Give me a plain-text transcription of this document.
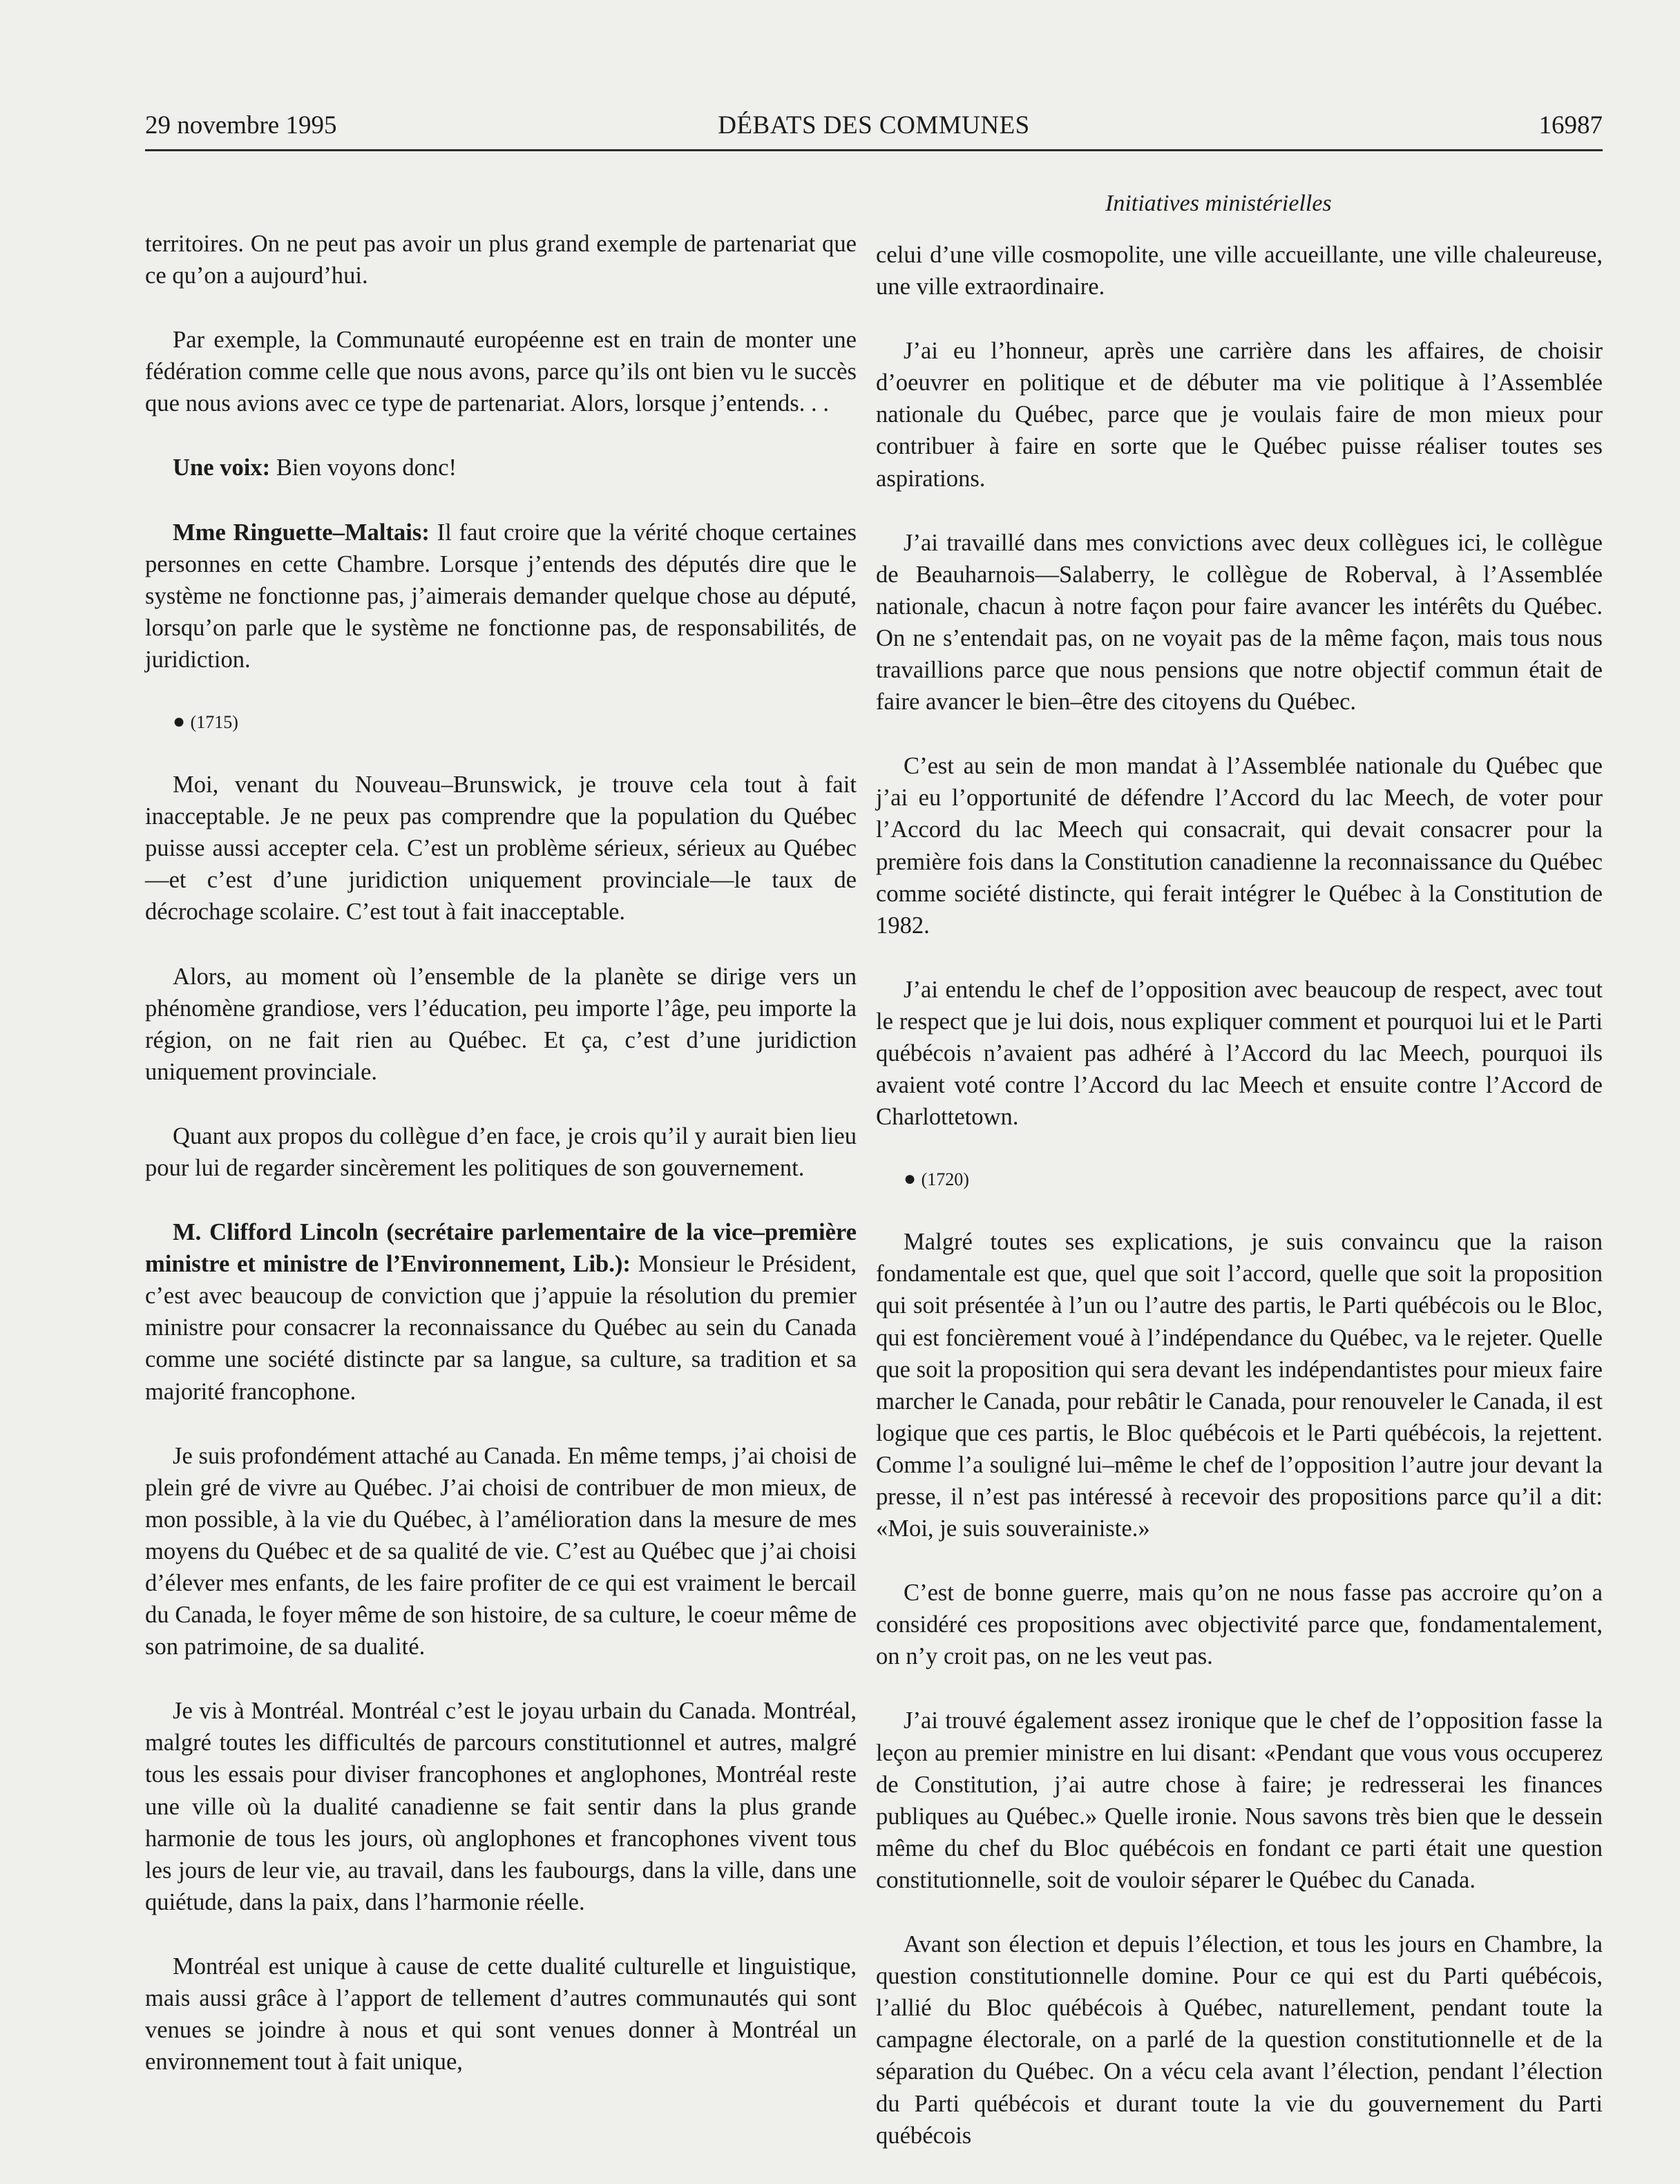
29 novembre 1995	DÉBATS DES COMMUNES	16987
Initiatives ministérielles

territoires. On ne peut pas avoir un plus grand exemple de partenariat que ce qu’on a aujourd’hui.

Par exemple, la Communauté européenne est en train de monter une fédération comme celle que nous avons, parce qu’ils ont bien vu le succès que nous avions avec ce type de partenariat. Alors, lorsque j’entends. . .

Une voix: Bien voyons donc!

Mme Ringuette–Maltais: Il faut croire que la vérité choque certaines personnes en cette Chambre. Lorsque j’entends des députés dire que le système ne fonctionne pas, j’aimerais demander quelque chose au député, lorsqu’on parle que le système ne fonctionne pas, de responsabilités, de juridiction.

● (1715)

Moi, venant du Nouveau–Brunswick, je trouve cela tout à fait inacceptable. Je ne peux pas comprendre que la population du Québec puisse aussi accepter cela. C’est un problème sérieux, sérieux au Québec—et c’est d’une juridiction uniquement provinciale—le taux de décrochage scolaire. C’est tout à fait inacceptable.

Alors, au moment où l’ensemble de la planète se dirige vers un phénomène grandiose, vers l’éducation, peu importe l’âge, peu importe la région, on ne fait rien au Québec. Et ça, c’est d’une juridiction uniquement provinciale.

Quant aux propos du collègue d’en face, je crois qu’il y aurait bien lieu pour lui de regarder sincèrement les politiques de son gouvernement.

M. Clifford Lincoln (secrétaire parlementaire de la vice–première ministre et ministre de l’Environnement, Lib.): Monsieur le Président, c’est avec beaucoup de conviction que j’appuie la résolution du premier ministre pour consacrer la reconnaissance du Québec au sein du Canada comme une société distincte par sa langue, sa culture, sa tradition et sa majorité francophone.

Je suis profondément attaché au Canada. En même temps, j’ai choisi de plein gré de vivre au Québec. J’ai choisi de contribuer de mon mieux, de mon possible, à la vie du Québec, à l’amélioration dans la mesure de mes moyens du Québec et de sa qualité de vie. C’est au Québec que j’ai choisi d’élever mes enfants, de les faire profiter de ce qui est vraiment le bercail du Canada, le foyer même de son histoire, de sa culture, le coeur même de son patrimoine, de sa dualité.

Je vis à Montréal. Montréal c’est le joyau urbain du Canada. Montréal, malgré toutes les difficultés de parcours constitutionnel et autres, malgré tous les essais pour diviser francophones et anglophones, Montréal reste une ville où la dualité canadienne se fait sentir dans la plus grande harmonie de tous les jours, où anglophones et francophones vivent tous les jours de leur vie, au travail, dans les faubourgs, dans la ville, dans une quiétude, dans la paix, dans l’harmonie réelle.

Montréal est unique à cause de cette dualité culturelle et linguistique, mais aussi grâce à l’apport de tellement d’autres communautés qui sont venues se joindre à nous et qui sont venues donner à Montréal un environnement tout à fait unique,

celui d’une ville cosmopolite, une ville accueillante, une ville chaleureuse, une ville extraordinaire.

J’ai eu l’honneur, après une carrière dans les affaires, de choisir d’oeuvrer en politique et de débuter ma vie politique à l’Assemblée nationale du Québec, parce que je voulais faire de mon mieux pour contribuer à faire en sorte que le Québec puisse réaliser toutes ses aspirations.

J’ai travaillé dans mes convictions avec deux collègues ici, le collègue de Beauharnois—Salaberry, le collègue de Roberval, à l’Assemblée nationale, chacun à notre façon pour faire avancer les intérêts du Québec. On ne s’entendait pas, on ne voyait pas de la même façon, mais tous nous travaillions parce que nous pensions que notre objectif commun était de faire avancer le bien–être des citoyens du Québec.

C’est au sein de mon mandat à l’Assemblée nationale du Québec que j’ai eu l’opportunité de défendre l’Accord du lac Meech, de voter pour l’Accord du lac Meech qui consacrait, qui devait consacrer pour la première fois dans la Constitution canadienne la reconnaissance du Québec comme société distincte, qui ferait intégrer le Québec à la Constitution de 1982.

J’ai entendu le chef de l’opposition avec beaucoup de respect, avec tout le respect que je lui dois, nous expliquer comment et pourquoi lui et le Parti québécois n’avaient pas adhéré à l’Accord du lac Meech, pourquoi ils avaient voté contre l’Accord du lac Meech et ensuite contre l’Accord de Charlottetown.

● (1720)

Malgré toutes ses explications, je suis convaincu que la raison fondamentale est que, quel que soit l’accord, quelle que soit la proposition qui soit présentée à l’un ou l’autre des partis, le Parti québécois ou le Bloc, qui est foncièrement voué à l’indépendance du Québec, va le rejeter. Quelle que soit la proposition qui sera devant les indépendantistes pour mieux faire marcher le Canada, pour rebâtir le Canada, pour renouveler le Canada, il est logique que ces partis, le Bloc québécois et le Parti québécois, la rejettent. Comme l’a souligné lui–même le chef de l’opposition l’autre jour devant la presse, il n’est pas intéressé à recevoir des propositions parce qu’il a dit: «Moi, je suis souverainiste.»

C’est de bonne guerre, mais qu’on ne nous fasse pas accroire qu’on a considéré ces propositions avec objectivité parce que, fondamentalement, on n’y croit pas, on ne les veut pas.

J’ai trouvé également assez ironique que le chef de l’opposition fasse la leçon au premier ministre en lui disant: «Pendant que vous vous occuperez de Constitution, j’ai autre chose à faire; je redresserai les finances publiques au Québec.» Quelle ironie. Nous savons très bien que le dessein même du chef du Bloc québécois en fondant ce parti était une question constitutionnelle, soit de vouloir séparer le Québec du Canada.

Avant son élection et depuis l’élection, et tous les jours en Chambre, la question constitutionnelle domine. Pour ce qui est du Parti québécois, l’allié du Bloc québécois à Québec, naturellement, pendant toute la campagne électorale, on a parlé de la question constitutionnelle et de la séparation du Québec. On a vécu cela avant l’élection, pendant l’élection du Parti québécois et durant toute la vie du gouvernement du Parti québécois
